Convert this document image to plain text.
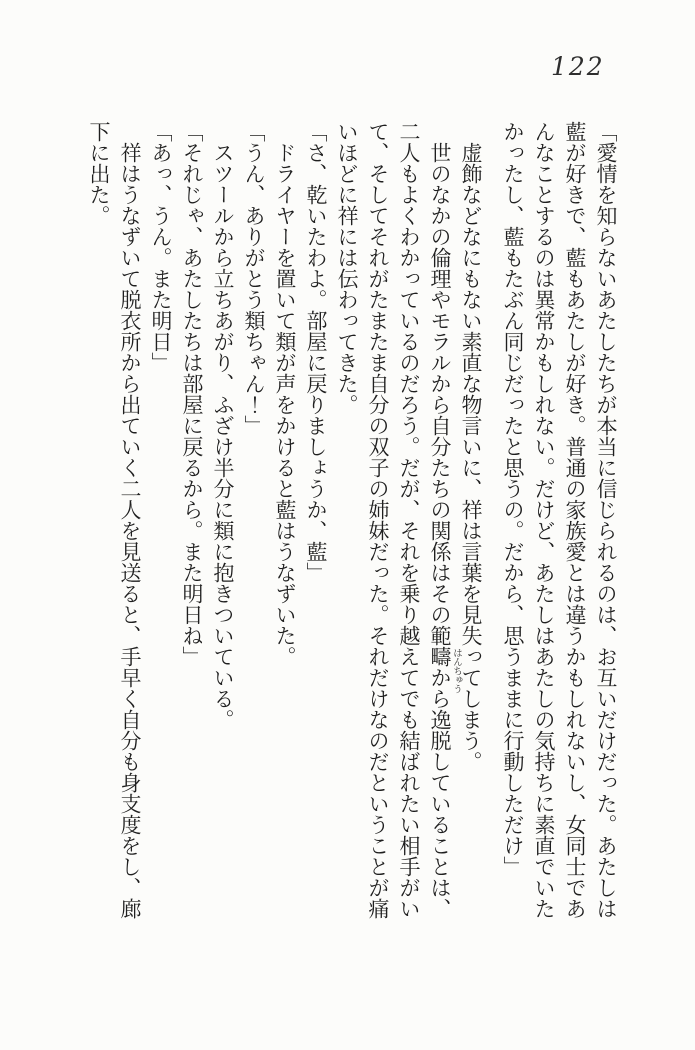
122
「愛情を知らないあたしたちが本当に信じられるのは、お互いだけだった。あたしは
藍が好きで、藍もあたしが好き。普通の家族愛とは違うかもしれないし、女同士であ
んなことするのは異常かもしれない。だけど、あたしはあたしの気持ちに素直でいた
かったし、藍もたぶん同じだったと思うの。だから、思うままに行動しただけ」
虚飾などなにもない素直な物言いに、祥は言葉を見失ってしまう。
世のなかの倫理やモラルから自分たちの関係はその範疇
はんちゅう
から逸脱していることは、
二人もよくわかっているのだろう。だが、それを乗り越えてでも結ばれたい相手がい
て、そしてそれがたまたま自分の双子の姉妹だった。それだけなのだということが痛
いほどに祥には伝わってきた。
「さ、乾いたわよ。部屋に戻りましょうか、藍」
ドライヤーを置いて類が声をかけると藍はうなずいた。
「うん、ありがとう類ちゃん！」
スツールから立ちあがり、ふざけ半分に類に抱きついている。
「それじゃ、あたしたちは部屋に戻るから。また明日ね」
「あっ、うん。また明日」
祥はうなずいて脱衣所から出ていく二人を見送ると、手早く自分も身支度をし、廊
下に出た。
